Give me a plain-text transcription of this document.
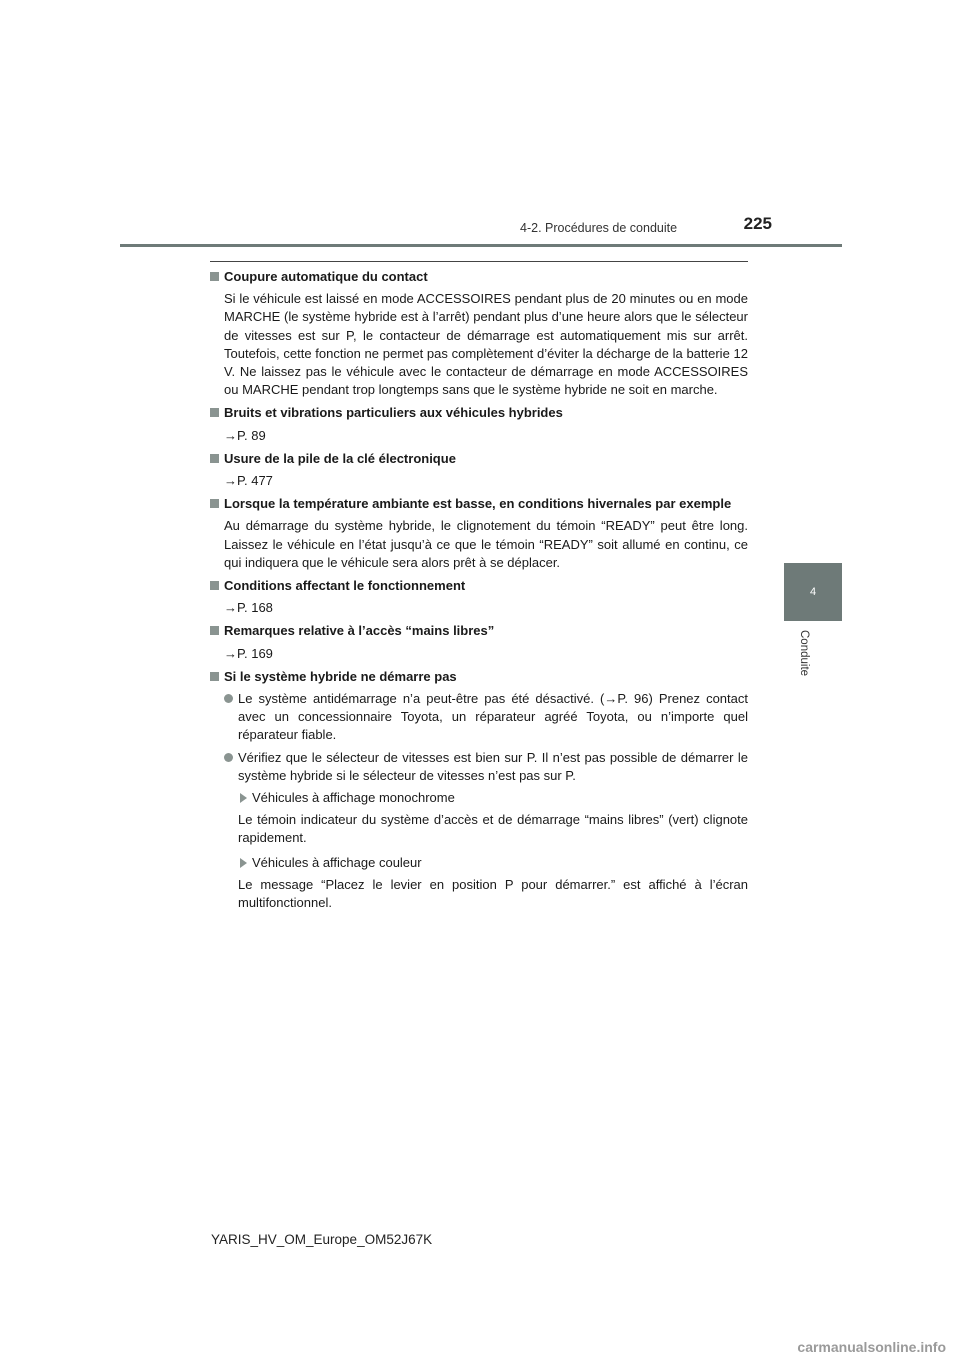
4-2. Procédures de conduite	225
4
Conduite
Coupure automatique du contact
Si le véhicule est laissé en mode ACCESSOIRES pendant plus de 20 minutes ou en mode MARCHE (le système hybride est à l’arrêt) pendant plus d’une heure alors que le sélecteur de vitesses est sur P, le contacteur de démarrage est automatiquement mis sur arrêt. Toutefois, cette fonction ne permet pas complètement d’éviter la décharge de la batterie 12 V. Ne laissez pas le véhicule avec le contacteur de démarrage en mode ACCESSOIRES ou MARCHE pendant trop longtemps sans que le système hybride ne soit en marche.
Bruits et vibrations particuliers aux véhicules hybrides
→P. 89
Usure de la pile de la clé électronique
→P. 477
Lorsque la température ambiante est basse, en conditions hivernales par exemple
Au démarrage du système hybride, le clignotement du témoin “READY” peut être long. Laissez le véhicule en l’état jusqu’à ce que le témoin “READY” soit allumé en continu, ce qui indiquera que le véhicule sera alors prêt à se déplacer.
Conditions affectant le fonctionnement
→P. 168
Remarques relative à l’accès “mains libres”
→P. 169
Si le système hybride ne démarre pas
Le système antidémarrage n’a peut-être pas été désactivé. (→P. 96) Prenez contact avec un concessionnaire Toyota, un réparateur agréé Toyota, ou n’importe quel réparateur fiable.
Vérifiez que le sélecteur de vitesses est bien sur P. Il n’est pas possible de démarrer le système hybride si le sélecteur de vitesses n’est pas sur P.
Véhicules à affichage monochrome
Le témoin indicateur du système d’accès et de démarrage “mains libres” (vert) clignote rapidement.
Véhicules à affichage couleur
Le message “Placez le levier en position P pour démarrer.” est affiché à l’écran multifonctionnel.
YARIS_HV_OM_Europe_OM52J67K
carmanualsonline.info
